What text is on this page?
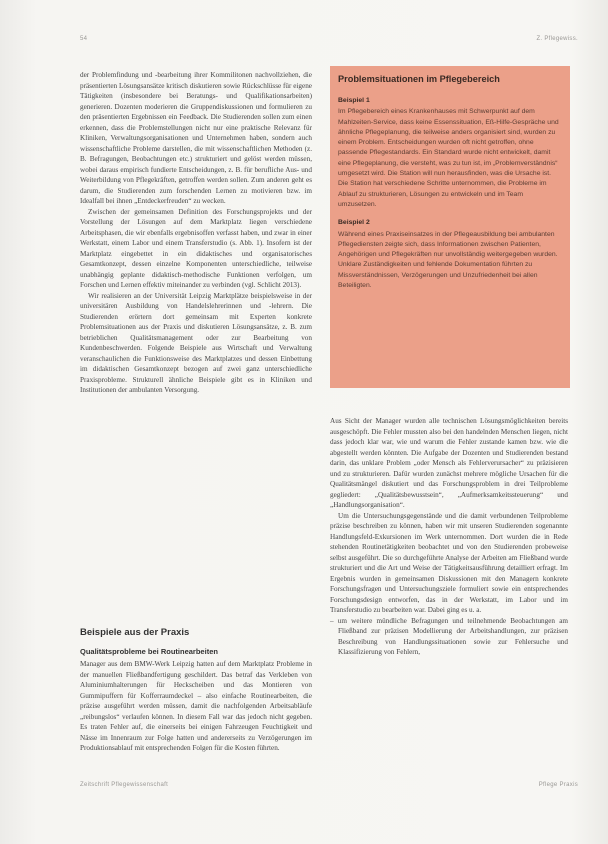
54	Z. Pflegewiss.

der Problemfindung und -bearbeitung ihrer Kommilitonen nachvollziehen, die präsentierten Lösungsansätze kritisch diskutieren sowie Rückschlüsse für eigene Tätigkeiten (insbesondere bei Beratungs- und Qualifikationsarbeiten) generieren. Dozenten moderieren die Gruppendiskussionen und formulieren zu den präsentierten Ergebnissen ein Feedback. Die Studierenden sollen zum einen erkennen, dass die Problemstellungen nicht nur eine praktische Relevanz für Kliniken, Verwaltungsorganisationen und Unternehmen haben, sondern auch wissenschaftliche Probleme darstellen, die mit wissenschaftlichen Methoden (z. B. Befragungen, Beobachtungen etc.) strukturiert und gelöst werden müssen, wobei daraus empirisch fundierte Entscheidungen, z. B. für berufliche Aus- und Weiterbildung von Pflegekräften, getroffen werden sollen. Zum anderen geht es darum, die Studierenden zum forschenden Lernen zu motivieren bzw. im Idealfall bei ihnen „Entdeckerfreuden“ zu wecken.

Zwischen der gemeinsamen Definition des Forschungsprojekts und der Vorstellung der Lösungen auf dem Marktplatz liegen verschiedene Arbeitsphasen, die wir ebenfalls ergebnisoffen verfasst haben, und zwar in einer Werkstatt, einem Labor und einem Transferstudio (s. Abb. 1). Insofern ist der Marktplatz eingebettet in ein didaktisches und organisatorisches Gesamtkonzept, dessen einzelne Komponenten unterschiedliche, teilweise unabhängig geplante didaktisch-methodische Funktionen verfolgen, um Forschen und Lernen effektiv miteinander zu verbinden (vgl. Schlicht 2013).

Wir realisieren an der Universität Leipzig Marktplätze beispielsweise in der universitären Ausbildung von Handelslehrerinnen und -lehrern. Die Studierenden erörtern dort gemeinsam mit Experten konkrete Problemsituationen aus der Praxis und diskutieren Lösungsansätze, z. B. zum betrieblichen Qualitätsmanagement oder zur Bearbeitung von Kundenbeschwerden. Folgende Beispiele aus Wirtschaft und Verwaltung veranschaulichen die Funktionsweise des Marktplatzes und dessen Einbettung im didaktischen Gesamtkonzept bezogen auf zwei ganz unterschiedliche Praxisprobleme. Strukturell ähnliche Beispiele gibt es in Kliniken und Institutionen der ambulanten Versorgung.

Beispiele aus der Praxis
Qualitätsprobleme bei Routinearbeiten

Manager aus dem BMW-Werk Leipzig hatten auf dem Marktplatz Probleme in der manuellen Fließbandfertigung geschildert. Das betraf das Verkleben von Aluminiumhalterungen für Heckscheiben und das Montieren von Gummipuffern für Kofferraumdeckel – also einfache Routinearbeiten, die präzise ausgeführt werden müssen, damit die nachfolgenden Arbeitsabläufe „reibungslos“ verlaufen können. In diesem Fall war das jedoch nicht gegeben. Es traten Fehler auf, die einerseits bei einigen Fahrzeugen Feuchtigkeit und Nässe im Innenraum zur Folge hatten und andererseits zu Verzögerungen im Produktionsablauf mit entsprechenden Folgen für die Kosten führten.

Problemsituationen im Pflegebereich
Beispiel 1

Im Pflegebereich eines Krankenhauses mit Schwerpunkt auf dem Mahlzeiten-Service, dass keine Essenssituation, Eß-Hilfe-Gespräche und ähnliche Pflegeplanung, die teilweise anders organisiert sind, wurden zu einem Problem. Entscheidungen wurden oft nicht getroffen, ohne passende Pflegestandards. Ein Standard wurde nicht entwickelt, damit eine Pflegeplanung, die versteht, was zu tun ist, im „Problemverständnis“ umgesetzt wird. Die Station will nun herausfinden, was die Ursache ist. Die Station hat verschiedene Schritte unternommen, die Probleme im Ablauf zu strukturieren, Lösungen zu entwickeln und im Team umzusetzen.

Beispiel 2

Während eines Praxiseinsatzes in der Pflegeausbildung bei ambulanten Pflegediensten zeigte sich, dass Informationen zwischen Patienten, Angehörigen und Pflegekräften nur unvollständig weitergegeben wurden. Unklare Zuständigkeiten und fehlende Dokumentation führten zu Missverständnissen, Verzögerungen und Unzufriedenheit bei allen Beteiligten.

Aus Sicht der Manager wurden alle technischen Lösungsmöglichkeiten bereits ausgeschöpft. Die Fehler mussten also bei den handelnden Menschen liegen, nicht dass jedoch klar war, wie und warum die Fehler zustande kamen bzw. wie die abgestellt werden könnten. Die Aufgabe der Dozenten und Studierenden bestand darin, das unklare Problem „oder Mensch als Fehlerverursacher“ zu präzisieren und zu strukturieren. Dafür wurden zunächst mehrere mögliche Ursachen für die Qualitätsmängel diskutiert und das Forschungsproblem in drei Teilprobleme gegliedert: „Qualitätsbewusstsein“, „Aufmerksamkeitssteuerung“ und „Handlungsorganisation“.

Um die Untersuchungsgegenstände und die damit verbundenen Teilprobleme präzise beschreiben zu können, haben wir mit unseren Studierenden sogenannte Handlungsfeld-Exkursionen im Werk unternommen. Dort wurden die in Rede stehenden Routinetätigkeiten beobachtet und von den Studierenden probeweise selbst ausgeführt. Die so durchgeführte Analyse der Arbeiten am Fließband wurde strukturiert und die Art und Weise der Tätigkeitsausführung detailliert erfragt. Im Ergebnis wurden in gemeinsamen Diskussionen mit den Managern konkrete Forschungsfragen und Untersuchungsziele formuliert sowie ein entsprechendes Forschungsdesign entworfen, das in der Werkstatt, im Labor und im Transferstudio zu bearbeiten war. Dabei ging es u. a.

– um weitere mündliche Befragungen und teilnehmende Beobachtungen am Fließband zur präzisen Modellierung der Arbeitshandlungen, zur präzisen Beschreibung von Handlungssituationen sowie zur Fehlersuche und Klassifizierung von Fehlern,
Zeitschrift Pflegewissenschaft	Pflege Praxis
